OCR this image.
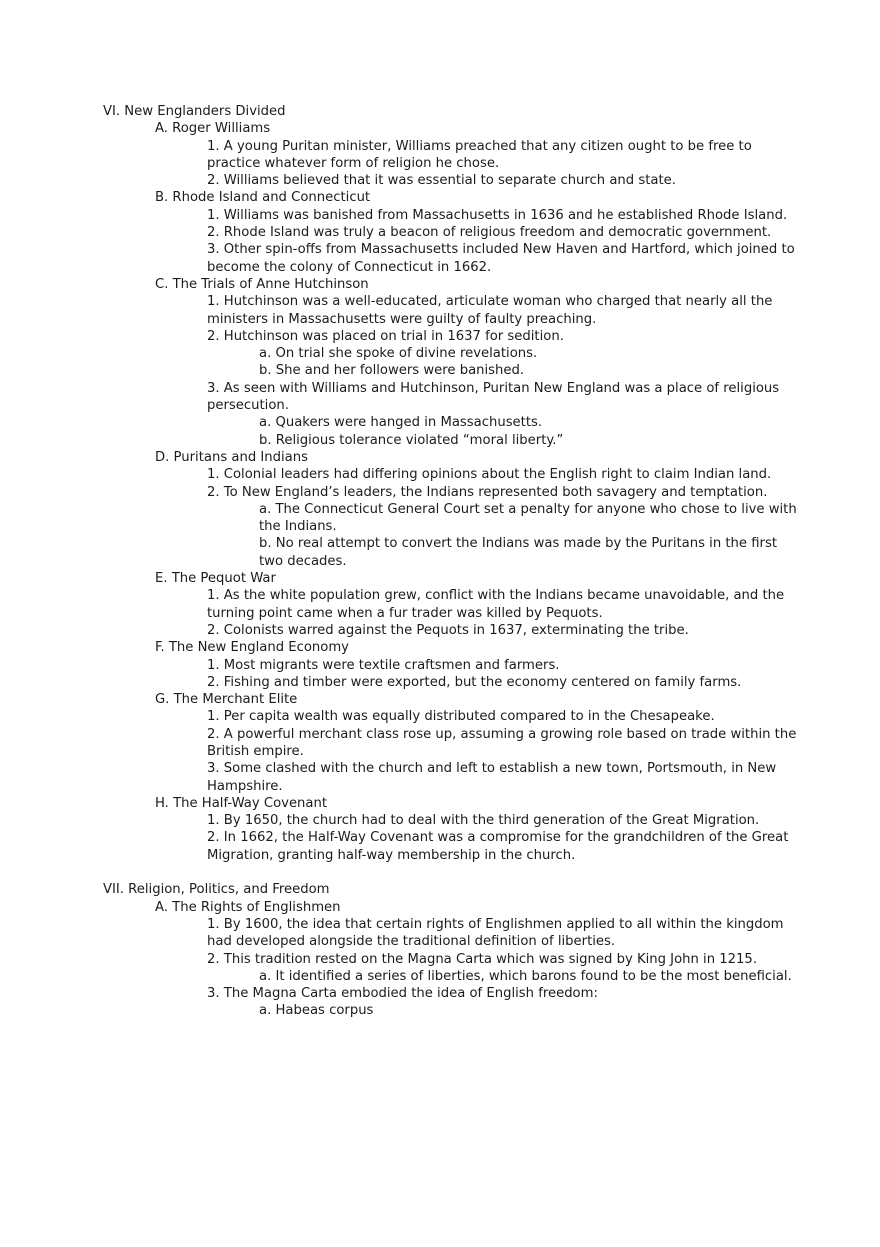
VI. New Englanders Divided
A. Roger Williams
1. A young Puritan minister, Williams preached that any citizen ought to be free to
practice whatever form of religion he chose.
2. Williams believed that it was essential to separate church and state.
B. Rhode Island and Connecticut
1. Williams was banished from Massachusetts in 1636 and he established Rhode Island.
2. Rhode Island was truly a beacon of religious freedom and democratic government.
3. Other spin-offs from Massachusetts included New Haven and Hartford, which joined to
become the colony of Connecticut in 1662.
C. The Trials of Anne Hutchinson
1. Hutchinson was a well-educated, articulate woman who charged that nearly all the
ministers in Massachusetts were guilty of faulty preaching.
2. Hutchinson was placed on trial in 1637 for sedition.
a. On trial she spoke of divine revelations.
b. She and her followers were banished.
3. As seen with Williams and Hutchinson, Puritan New England was a place of religious
persecution.
a. Quakers were hanged in Massachusetts.
b. Religious tolerance violated “moral liberty.”
D. Puritans and Indians
1. Colonial leaders had differing opinions about the English right to claim Indian land.
2. To New England’s leaders, the Indians represented both savagery and temptation.
a. The Connecticut General Court set a penalty for anyone who chose to live with
the Indians.
b. No real attempt to convert the Indians was made by the Puritans in the first
two decades.
E. The Pequot War
1. As the white population grew, conflict with the Indians became unavoidable, and the
turning point came when a fur trader was killed by Pequots.
2. Colonists warred against the Pequots in 1637, exterminating the tribe.
F. The New England Economy
1. Most migrants were textile craftsmen and farmers.
2. Fishing and timber were exported, but the economy centered on family farms.
G. The Merchant Elite
1. Per capita wealth was equally distributed compared to in the Chesapeake.
2. A powerful merchant class rose up, assuming a growing role based on trade within the
British empire.
3. Some clashed with the church and left to establish a new town, Portsmouth, in New
Hampshire.
H. The Half-Way Covenant
1. By 1650, the church had to deal with the third generation of the Great Migration.
2. In 1662, the Half-Way Covenant was a compromise for the grandchildren of the Great
Migration, granting half-way membership in the church.
VII. Religion, Politics, and Freedom
A. The Rights of Englishmen
1. By 1600, the idea that certain rights of Englishmen applied to all within the kingdom
had developed alongside the traditional definition of liberties.
2. This tradition rested on the Magna Carta which was signed by King John in 1215.
a. It identified a series of liberties, which barons found to be the most beneficial.
3. The Magna Carta embodied the idea of English freedom:
a. Habeas corpus
